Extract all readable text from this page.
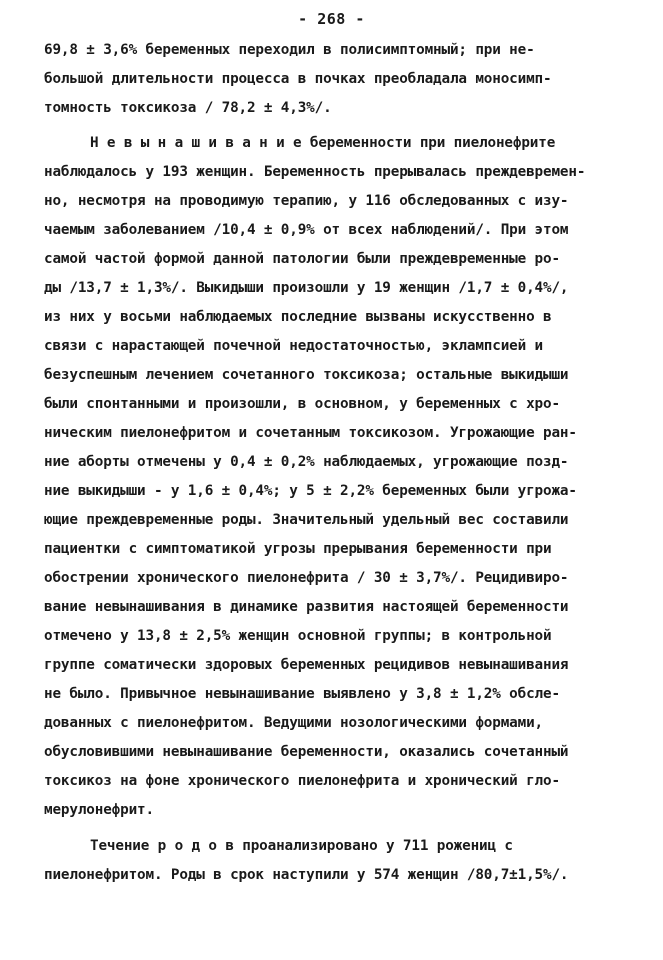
- 268 -
69,8 ± 3,6% беременных переходил в полисимптомный; при не-
большой длительности процесса в почках преобладала моносимп-
томность токсикоза / 78,2 ± 4,3%/.
Н е в ы н а ш и в а н и е беременности при пиелонефрите
наблюдалось у 193 женщин. Беременность прерывалась преждевремен-
но, несмотря на проводимую терапию, у 116 обследованных с изу-
чаемым заболеванием /10,4 ± 0,9% от всех наблюдений/. При этом
самой частой формой данной патологии были преждевременные ро-
ды /13,7 ± 1,3%/. Выкидыши произошли у 19 женщин /1,7 ± 0,4%/,
из них у восьми наблюдаемых последние вызваны искусственно в
связи с нарастающей почечной недостаточностью, эклампсией и
безуспешным лечением сочетанного токсикоза; остальные выкидыши
были спонтанными и произошли, в основном, у беременных с хро-
ническим пиелонефритом и сочетанным токсикозом. Угрожающие ран-
ние аборты отмечены у 0,4 ± 0,2% наблюдаемых, угрожающие позд-
ние выкидыши - у 1,6 ± 0,4%; у 5 ± 2,2% беременных были угрожа-
ющие преждевременные роды. Значительный удельный вес составили
пациентки с симптоматикой угрозы прерывания беременности при
обострении хронического пиелонефрита / 30 ± 3,7%/. Рецидивиро-
вание невынашивания в динамике развития настоящей беременности
отмечено у 13,8 ± 2,5% женщин основной группы; в контрольной
группе соматически здоровых беременных рецидивов невынашивания
не было. Привычное невынашивание выявлено у 3,8 ± 1,2% обсле-
дованных с пиелонефритом. Ведущими нозологическими формами,
обусловившими невынашивание беременности, оказались сочетанный
токсикоз на фоне хронического пиелонефрита и хронический гло-
мерулонефрит.
Течение р о д о в проанализировано у 711 рожениц с
пиелонефритом. Роды в срок наступили у 574 женщин /80,7±1,5%/.
